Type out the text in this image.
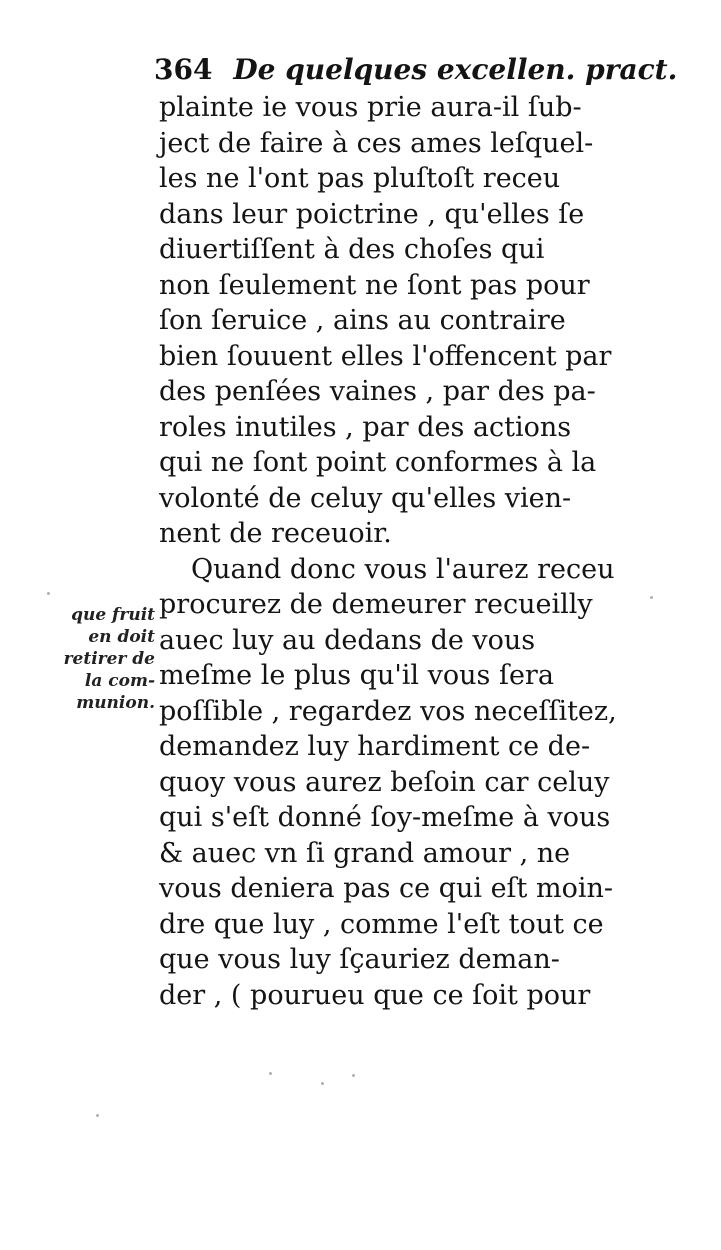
364 De quelques excellen. pract.
plainte ie vous prie aura-il ſub-
ject de faire à ces ames leſquel-
les ne l'ont pas pluſtoſt receu
dans leur poictrine , qu'elles ſe
diuertiſſent à des choſes qui
non ſeulement ne ſont pas pour
ſon ſeruice , ains au contraire
bien ſouuent elles l'offencent par
des penſées vaines , par des pa-
roles inutiles , par des actions
qui ne ſont point conformes à la
volonté de celuy qu'elles vien-
nent de receuoir.
Quand donc vous l'aurez receu
procurez de demeurer recueilly
auec luy au dedans de vous
meſme le plus qu'il vous ſera
poſſible , regardez vos neceſſitez,
demandez luy hardiment ce de-
quoy vous aurez beſoin car celuy
qui s'eſt donné ſoy-meſme à vous
& auec vn ſi grand amour , ne
vous deniera pas ce qui eſt moin-
dre que luy , comme l'eſt tout ce
que vous luy ſçauriez deman-
der , ( pourueu que ce ſoit pour
que fruit
en doit
retirer de
la com-
munion.
